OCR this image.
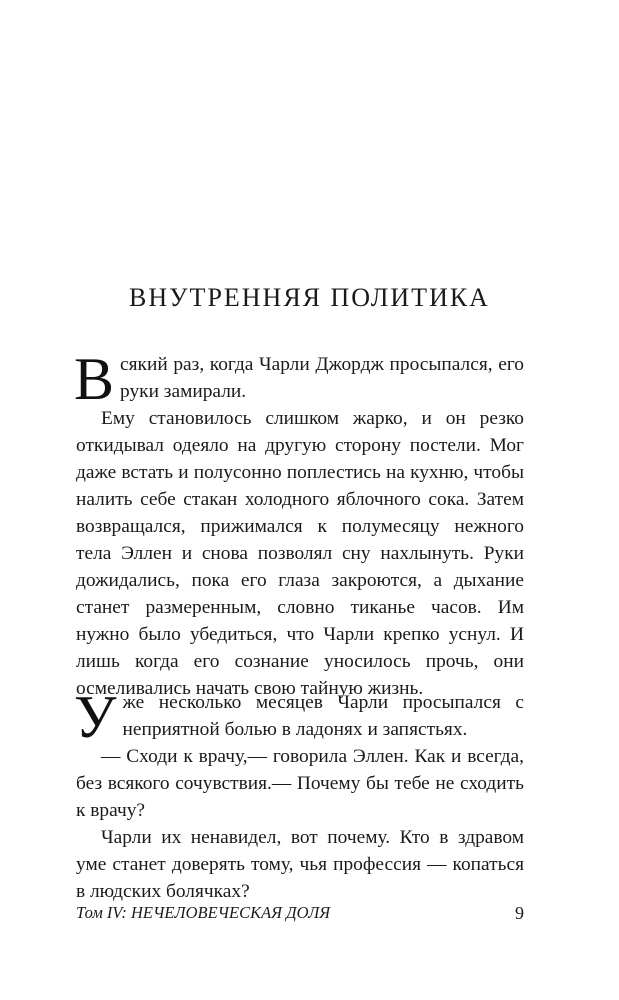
ВНУТРЕННЯЯ ПОЛИТИКА

Всякий раз, когда Чарли Джордж просыпался, его руки замирали.

Ему становилось слишком жарко, и он резко откидывал одеяло на другую сторону постели. Мог даже встать и полусонно поплестись на кухню, чтобы налить себе стакан холодного яблочного сока. Затем возвращался, прижимался к полумесяцу нежного тела Эллен и снова позволял сну нахлынуть. Руки дожидались, пока его глаза закроются, а дыхание станет размеренным, словно тиканье часов. Им нужно было убедиться, что Чарли крепко уснул. И лишь когда его сознание уносилось прочь, они осмеливались начать свою тайную жизнь.

Уже несколько месяцев Чарли просыпался с неприятной болью в ладонях и запястьях.

— Сходи к врачу,— говорила Эллен. Как и всегда, без всякого сочувствия.— Почему бы тебе не сходить к врачу?

Чарли их ненавидел, вот почему. Кто в здравом уме станет доверять тому, чья профессия — копаться в людских болячках?

Том IV: НЕЧЕЛОВЕЧЕСКАЯ ДОЛЯ	9
